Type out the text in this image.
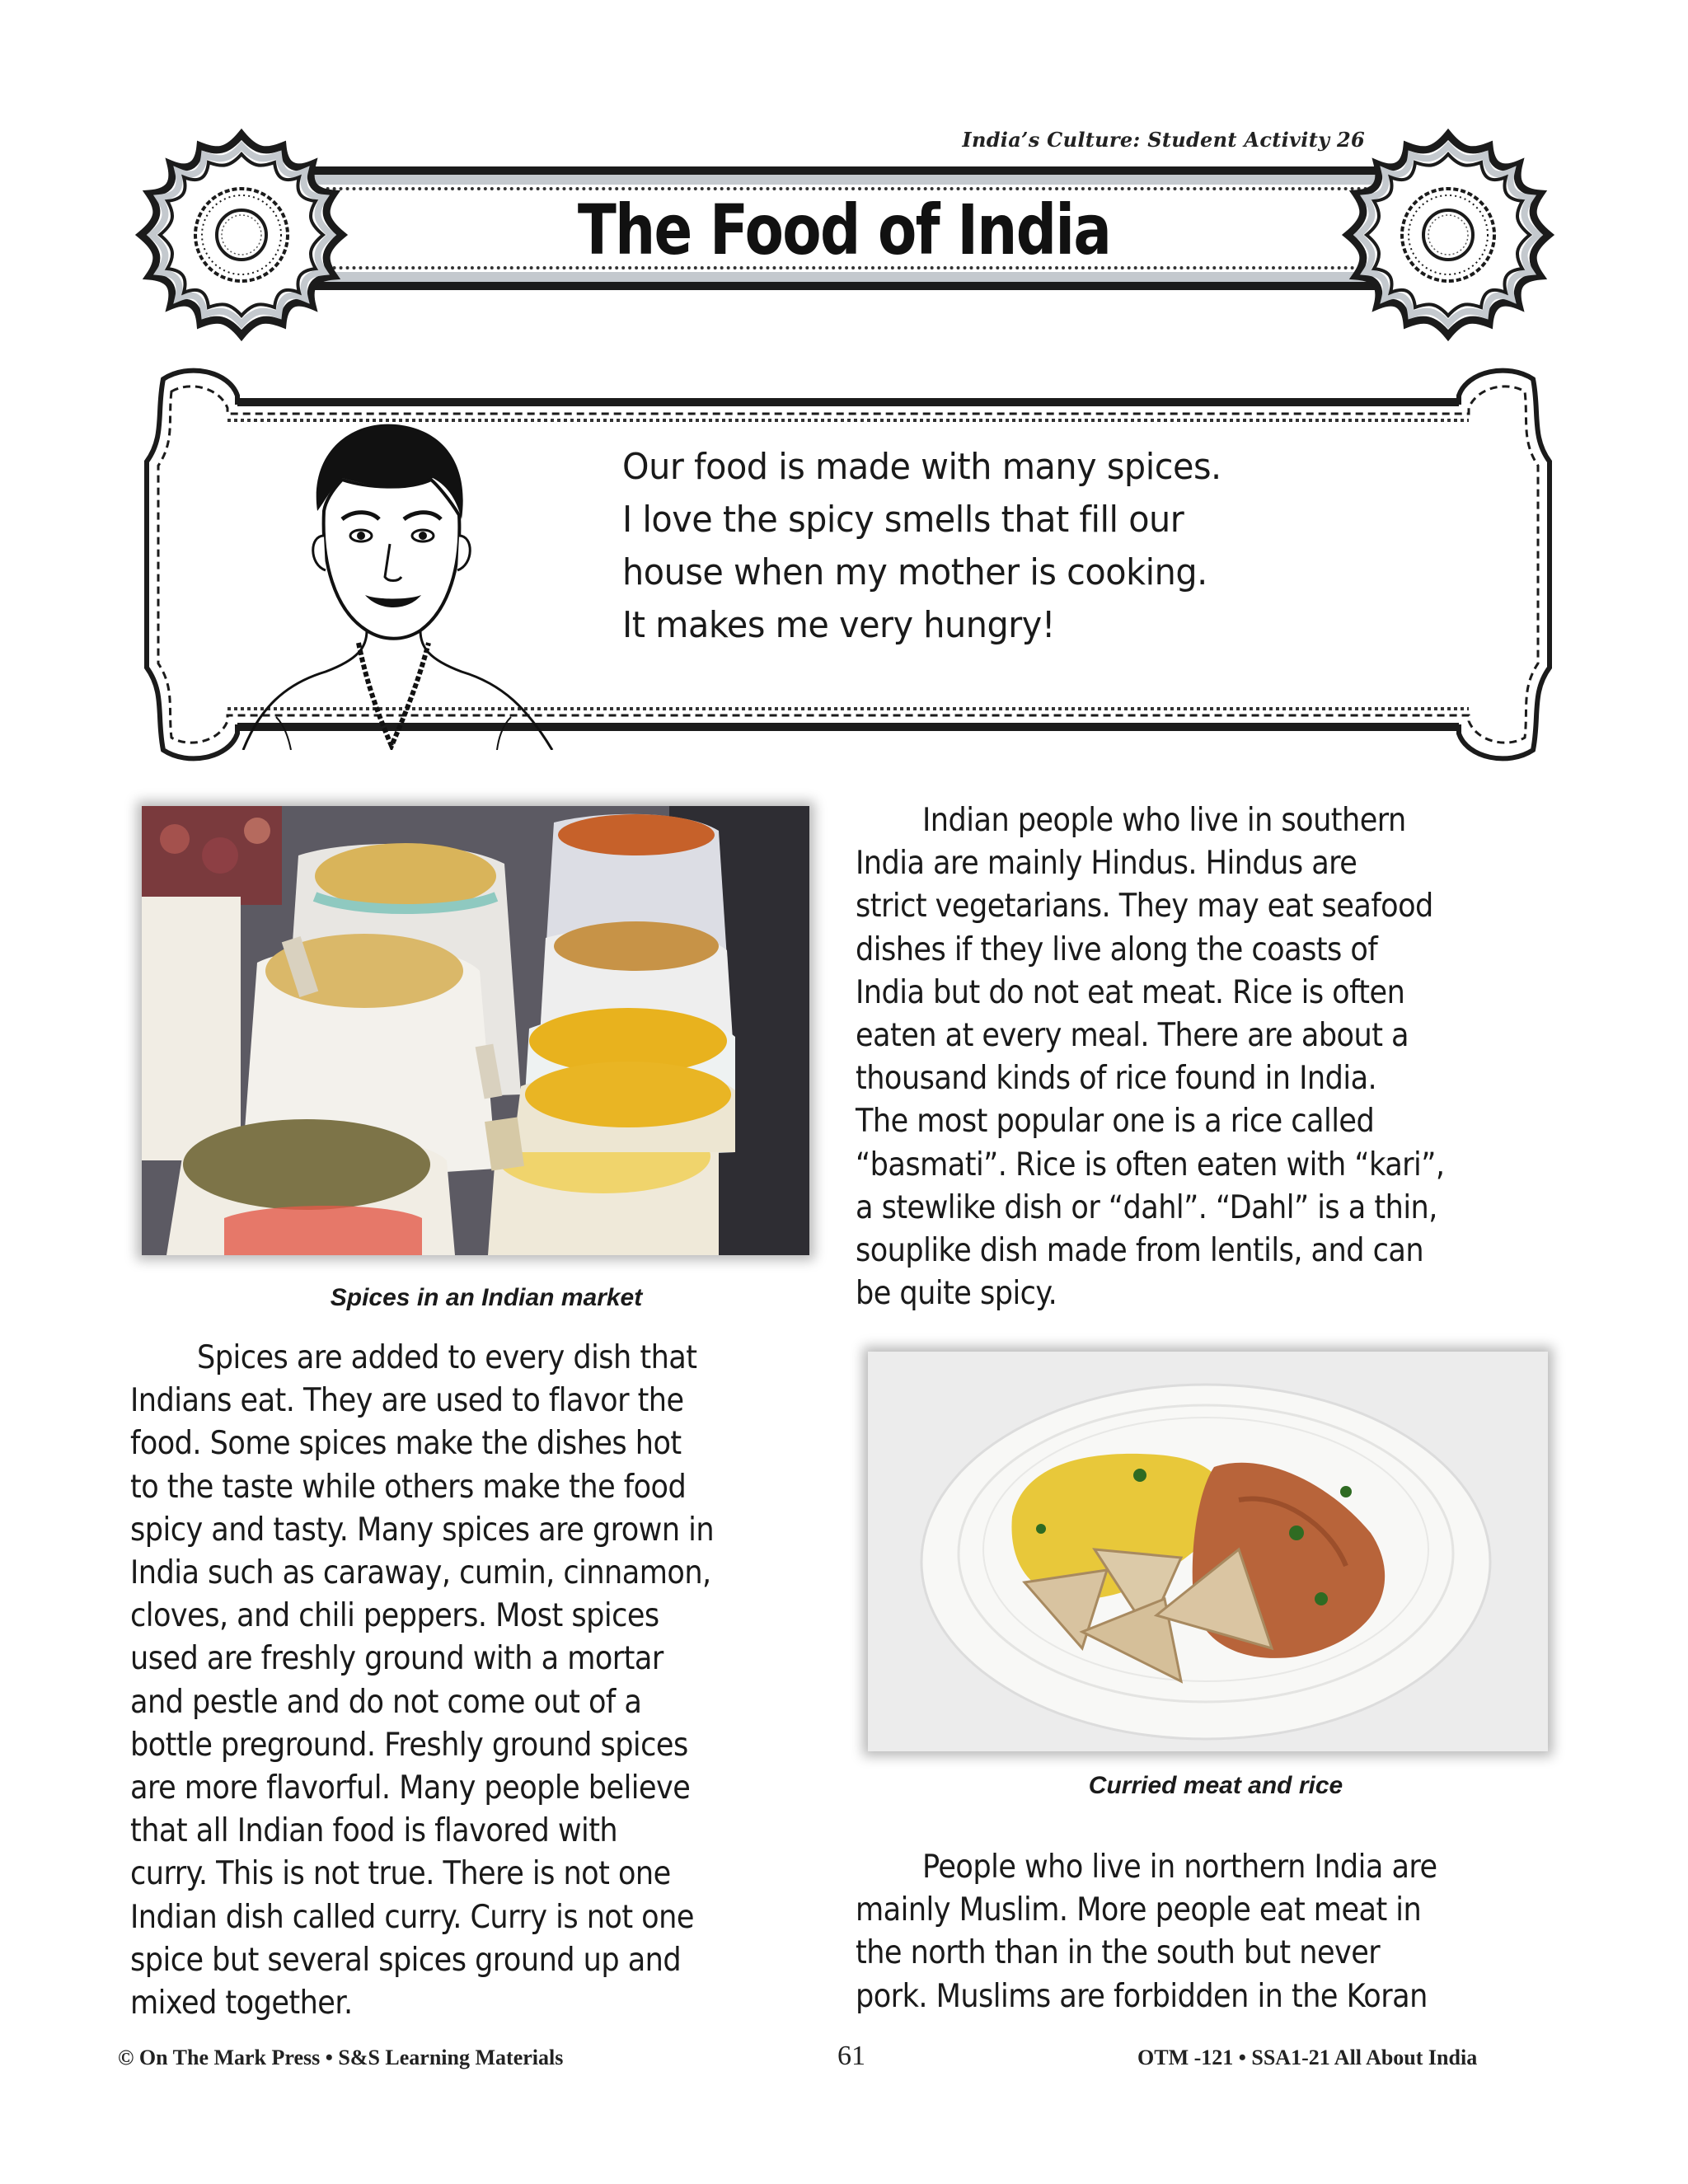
India’s Culture: Student Activity 26
The Food of India
Our food is made with many spices.
I love the spicy smells that fill our
house when my mother is cooking.
It makes me very hungry!
Spices in an Indian market
Indian people who live in southern
India are mainly Hindus. Hindus are
strict vegetarians. They may eat seafood
dishes if they live along the coasts of
India but do not eat meat. Rice is often
eaten at every meal. There are about a
thousand kinds of rice found in India.
The most popular one is a rice called
“basmati”. Rice is often eaten with “kari”,
a stewlike dish or “dahl”. “Dahl” is a thin,
souplike dish made from lentils, and can
be quite spicy.
Spices are added to every dish that
Indians eat. They are used to flavor the
food. Some spices make the dishes hot
to the taste while others make the food
spicy and tasty. Many spices are grown in
India such as caraway, cumin, cinnamon,
cloves, and chili peppers. Most spices
used are freshly ground with a mortar
and pestle and do not come out of a
bottle preground. Freshly ground spices
are more flavorful. Many people believe
that all Indian food is flavored with
curry. This is not true. There is not one
Indian dish called curry. Curry is not one
spice but several spices ground up and
mixed together.
Curried meat and rice
People who live in northern India are
mainly Muslim. More people eat meat in
the north than in the south but never
pork. Muslims are forbidden in the Koran
© On The Mark Press • S&S Learning Materials	61	OTM -121 • SSA1-21 All About India
